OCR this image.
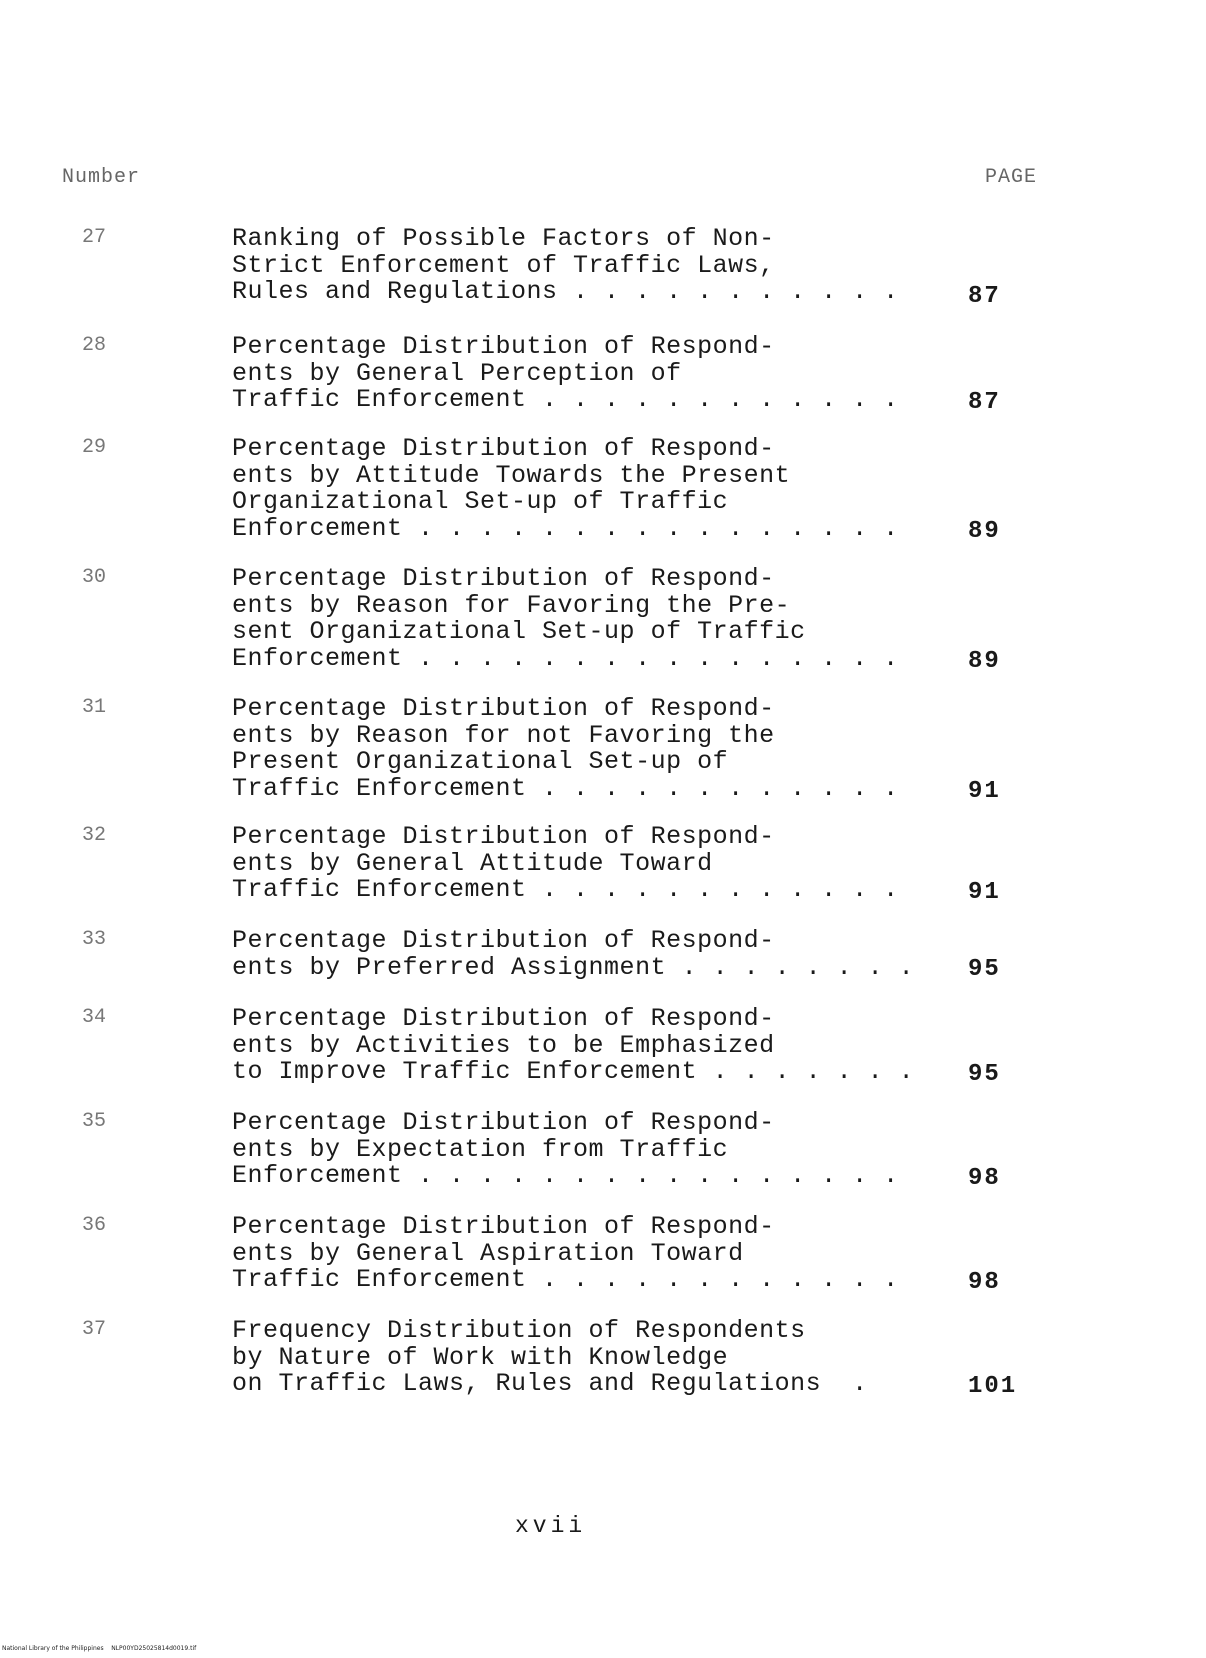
Number	PAGE
27	Ranking of Possible Factors of Non-
Strict Enforcement of Traffic Laws,
Rules and Regulations . . . . . . . . . . .	87
28	Percentage Distribution of Respond-
ents by General Perception of
Traffic Enforcement . . . . . . . . . . . .	87
29	Percentage Distribution of Respond-
ents by Attitude Towards the Present
Organizational Set-up of Traffic
Enforcement . . . . . . . . . . . . . . . .	89
30	Percentage Distribution of Respond-
ents by Reason for Favoring the Pre-
sent Organizational Set-up of Traffic
Enforcement . . . . . . . . . . . . . . . .	89
31	Percentage Distribution of Respond-
ents by Reason for not Favoring the
Present Organizational Set-up of
Traffic Enforcement . . . . . . . . . . . .	91
32	Percentage Distribution of Respond-
ents by General Attitude Toward
Traffic Enforcement . . . . . . . . . . . .	91
33	Percentage Distribution of Respond-
ents by Preferred Assignment . . . . . . . .	95
34	Percentage Distribution of Respond-
ents by Activities to be Emphasized
to Improve Traffic Enforcement . . . . . . .	95
35	Percentage Distribution of Respond-
ents by Expectation from Traffic
Enforcement . . . . . . . . . . . . . . . .	98
36	Percentage Distribution of Respond-
ents by General Aspiration Toward
Traffic Enforcement . . . . . . . . . . . .	98
37	Frequency Distribution of Respondents
by Nature of Work with Knowledge
on Traffic Laws, Rules and Regulations  .	101
xvii
National Library of the Philippines    NLP00YD25025814d0019.tif
